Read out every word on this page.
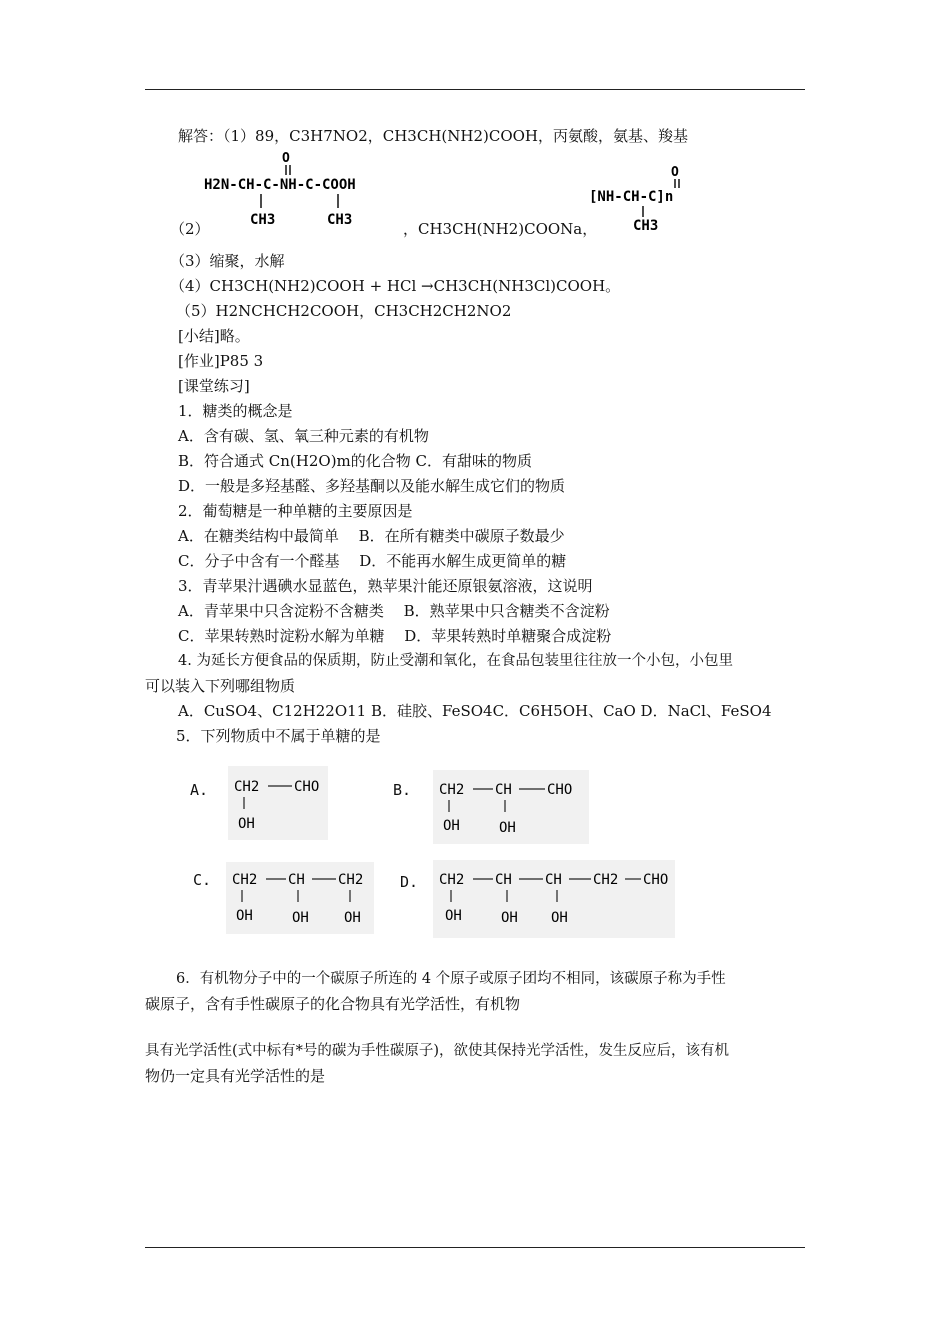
解答：（1）89，C3H7NO2，CH3CH(NH2)COOH，丙氨酸，氨基、羧基
O
H2N-CH-C-NH-C-COOH
CH3	CH3
（2）	，CH3CH(NH2)COONa，
O
[NH-CH-C]n
CH3
（3）缩聚，水解
（4）CH3CH(NH2)COOH + HCl →CH3CH(NH3Cl)COOH。
（5）H2NCHCH2COOH，CH3CH2CH2NO2
[小结]略。
[作业]P85 3
[课堂练习]
1．糖类的概念是
A．含有碳、氢、氧三种元素的有机物
B．符合通式 Cn(H2O)m的化合物 C．有甜味的物质
D．一般是多羟基醛、多羟基酮以及能水解生成它们的物质
2．葡萄糖是一种单糖的主要原因是
A．在糖类结构中最简单　 B．在所有糖类中碳原子数最少
C．分子中含有一个醛基　 D．不能再水解生成更简单的糖
3．青苹果汁遇碘水显蓝色，熟苹果汁能还原银氨溶液，这说明
A．青苹果中只含淀粉不含糖类　 B．熟苹果中只含糖类不含淀粉
C．苹果转熟时淀粉水解为单糖　 D．苹果转熟时单糖聚合成淀粉
4. 为延长方便食品的保质期，防止受潮和氧化，在食品包装里往往放一个小包，小包里
可以装入下列哪组物质
A．CuSO4、C12H22O11 B．硅胶、FeSO4C．C6H5OH、CaO D．NaCl、FeSO4
5．下列物质中不属于单糖的是
A. CH2 CHO
OH
B. CH2 CH	CHO
OH	OH
C. CH2 CH CH2
OH	OH	OH
D. CH2 CH CH CH2 CHO
OH	OH OH
6．有机物分子中的一个碳原子所连的 4 个原子或原子团均不相同，该碳原子称为手性
碳原子，含有手性碳原子的化合物具有光学活性，有机物
具有光学活性(式中标有*号的碳为手性碳原子)，欲使其保持光学活性，发生反应后，该有机
物仍一定具有光学活性的是
